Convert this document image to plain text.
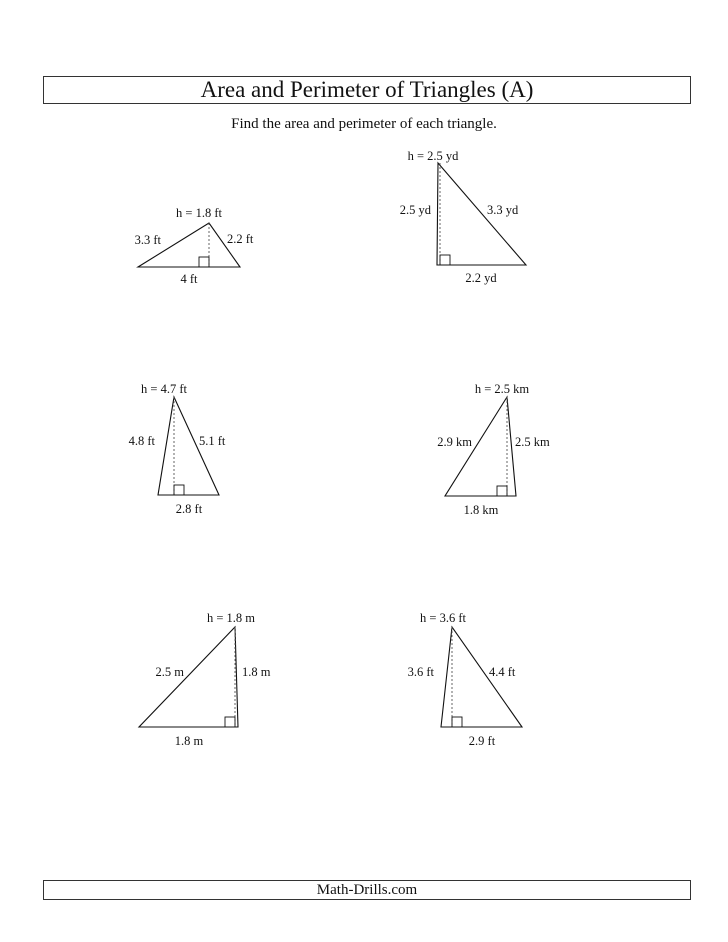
Area and Perimeter of Triangles (A)
Find the area and perimeter of each triangle.
h = 1.8 ft
3.3 ft	2.2 ft
4 ft
h = 2.5 yd
2.5 yd	3.3 yd
2.2 yd
h = 4.7 ft
4.8 ft	5.1 ft
2.8 ft
h = 2.5 km
2.9 km	2.5 km
1.8 km
h = 1.8 m
2.5 m	1.8 m
1.8 m
h = 3.6 ft
3.6 ft	4.4 ft
2.9 ft
Math-Drills.com
